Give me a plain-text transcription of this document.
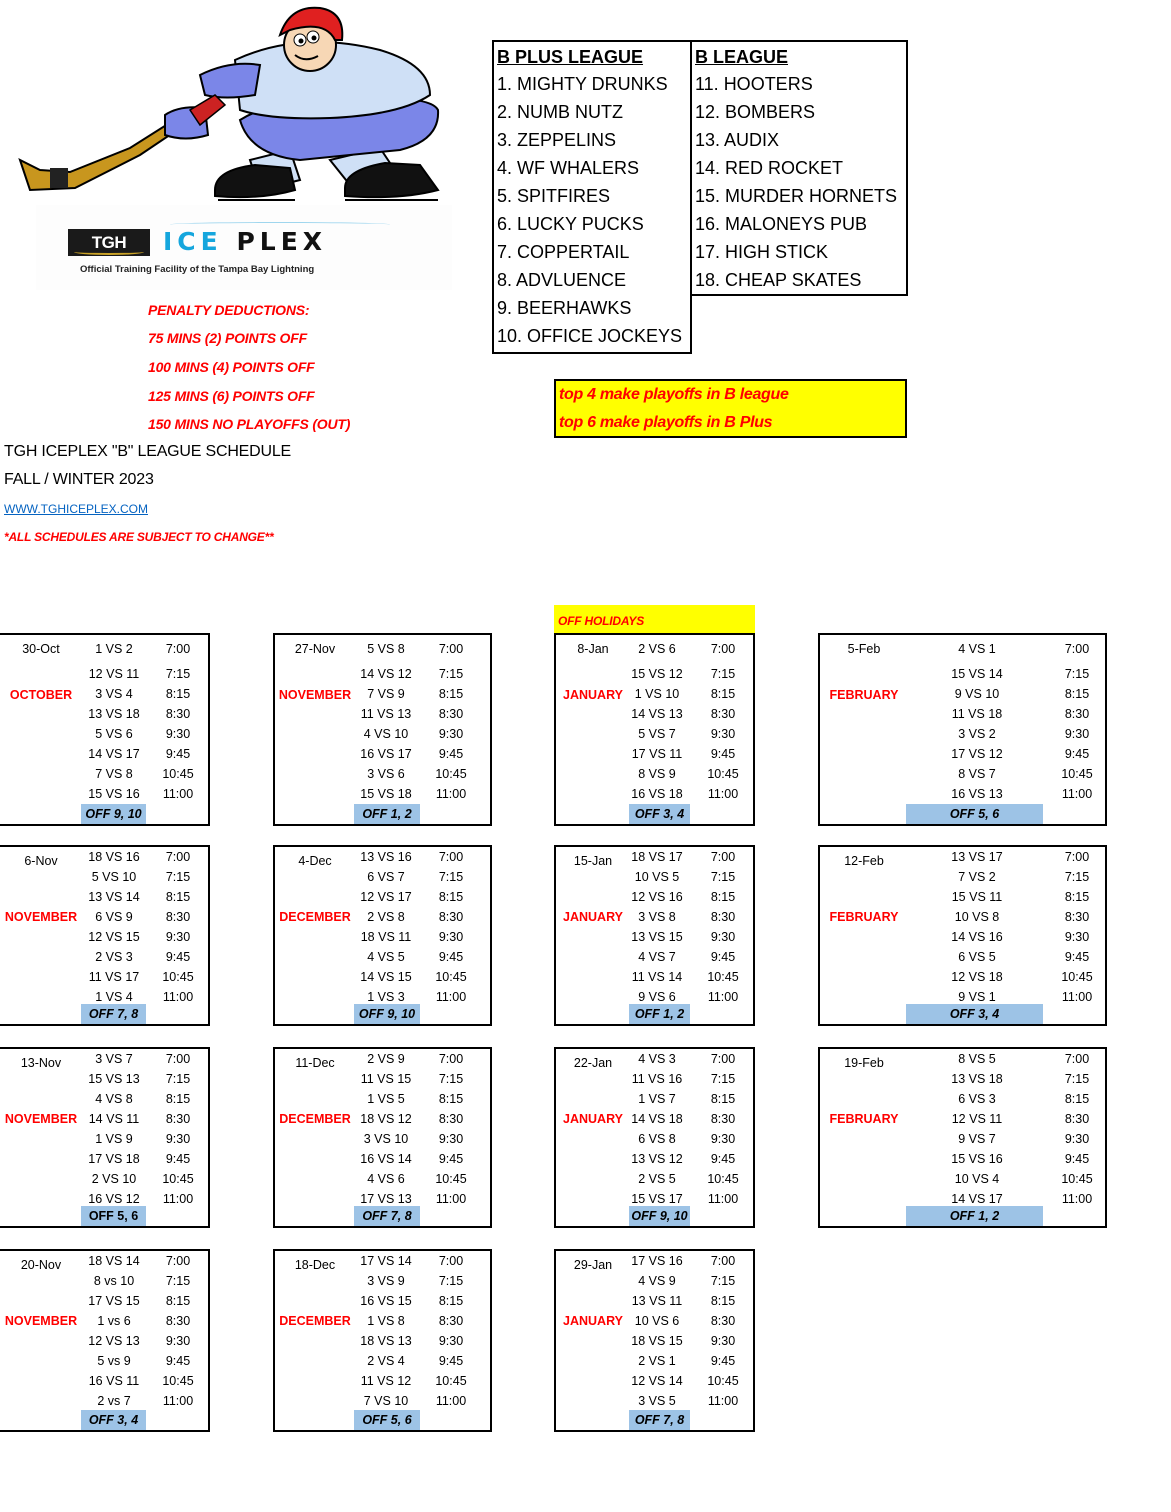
TGH	ICE PLEX
Official Training Facility of the Tampa Bay Lightning
B PLUS LEAGUE
1. MIGHTY DRUNKS
2. NUMB NUTZ
3. ZEPPELINS
4. WF WHALERS
5. SPITFIRES
6. LUCKY PUCKS
7. COPPERTAIL
8. ADVLUENCE
9. BEERHAWKS
10. OFFICE JOCKEYS
B LEAGUE
11. HOOTERS
12. BOMBERS
13. AUDIX
14. RED ROCKET
15. MURDER HORNETS
16. MALONEYS PUB
17. HIGH STICK
18. CHEAP SKATES
PENALTY DEDUCTIONS:
75 MINS (2) POINTS OFF
100 MINS (4) POINTS OFF
125 MINS (6) POINTS OFF
150 MINS NO PLAYOFFS (OUT)
top 4 make playoffs in B league
top 6 make playoffs in B Plus
TGH ICEPLEX "B" LEAGUE SCHEDULE
FALL / WINTER 2023
WWW.TGHICEPLEX.COM
*ALL SCHEDULES ARE SUBJECT TO CHANGE**
OFF HOLIDAYS
30-Oct
OCTOBER
1 VS 2	7:00
12 VS 11	7:15
3 VS 4	8:15
13 VS 18	8:30
5 VS 6	9:30
14 VS 17	9:45
7 VS 8	10:45
15 VS 16	11:00
OFF 9, 10
6-Nov
NOVEMBER
18 VS 16	7:00
5 VS 10	7:15
13 VS 14	8:15
6 VS 9	8:30
12 VS 15	9:30
2 VS 3	9:45
11 VS 17	10:45
1 VS 4	11:00
OFF 7, 8
13-Nov
NOVEMBER
3 VS 7	7:00
15 VS 13	7:15
4 VS 8	8:15
14 VS 11	8:30
1 VS 9	9:30
17 VS 18	9:45
2 VS 10	10:45
16 VS 12	11:00
OFF 5, 6
20-Nov
NOVEMBER
18 VS 14	7:00
8 vs 10	7:15
17 VS 15	8:15
1 vs 6	8:30
12 VS 13	9:30
5 vs 9	9:45
16 VS 11	10:45
2 vs 7	11:00
OFF 3, 4
27-Nov
NOVEMBER
5 VS 8	7:00
14 VS 12	7:15
7 VS 9	8:15
11 VS 13	8:30
4 VS 10	9:30
16 VS 17	9:45
3 VS 6	10:45
15 VS 18	11:00
OFF 1, 2
4-Dec
DECEMBER
13 VS 16	7:00
6 VS 7	7:15
12 VS 17	8:15
2 VS 8	8:30
18 VS 11	9:30
4 VS 5	9:45
14 VS 15	10:45
1 VS 3	11:00
OFF 9, 10
11-Dec
DECEMBER
2 VS 9	7:00
11 VS 15	7:15
1 VS 5	8:15
18 VS 12	8:30
3 VS 10	9:30
16 VS 14	9:45
4 VS 6	10:45
17 VS 13	11:00
OFF 7, 8
18-Dec
DECEMBER
17 VS 14	7:00
3 VS 9	7:15
16 VS 15	8:15
1 VS 8	8:30
18 VS 13	9:30
2 VS 4	9:45
11 VS 12	10:45
7 VS 10	11:00
OFF 5, 6
8-Jan
JANUARY
2 VS 6	7:00
15 VS 12	7:15
1 VS 10	8:15
14 VS 13	8:30
5 VS 7	9:30
17 VS 11	9:45
8 VS 9	10:45
16 VS 18	11:00
OFF 3, 4
15-Jan
JANUARY
18 VS 17	7:00
10 VS 5	7:15
12 VS 16	8:15
3 VS 8	8:30
13 VS 15	9:30
4 VS 7	9:45
11 VS 14	10:45
9 VS 6	11:00
OFF 1, 2
22-Jan
JANUARY
4 VS 3	7:00
11 VS 16	7:15
1 VS 7	8:15
14 VS 18	8:30
6 VS 8	9:30
13 VS 12	9:45
2 VS 5	10:45
15 VS 17	11:00
OFF 9, 10
29-Jan
JANUARY
17 VS 16	7:00
4 VS 9	7:15
13 VS 11	8:15
10 VS 6	8:30
18 VS 15	9:30
2 VS 1	9:45
12 VS 14	10:45
3 VS 5	11:00
OFF 7, 8
5-Feb
FEBRUARY
4 VS 1	7:00
15 VS 14	7:15
9 VS 10	8:15
11 VS 18	8:30
3 VS 2	9:30
17 VS 12	9:45
8 VS 7	10:45
16 VS 13	11:00
OFF 5, 6
12-Feb
FEBRUARY
13 VS 17	7:00
7 VS 2	7:15
15 VS 11	8:15
10 VS 8	8:30
14 VS 16	9:30
6 VS 5	9:45
12 VS 18	10:45
9 VS 1	11:00
OFF 3, 4
19-Feb
FEBRUARY
8 VS 5	7:00
13 VS 18	7:15
6 VS 3	8:15
12 VS 11	8:30
9 VS 7	9:30
15 VS 16	9:45
10 VS 4	10:45
14 VS 17	11:00
OFF 1, 2
